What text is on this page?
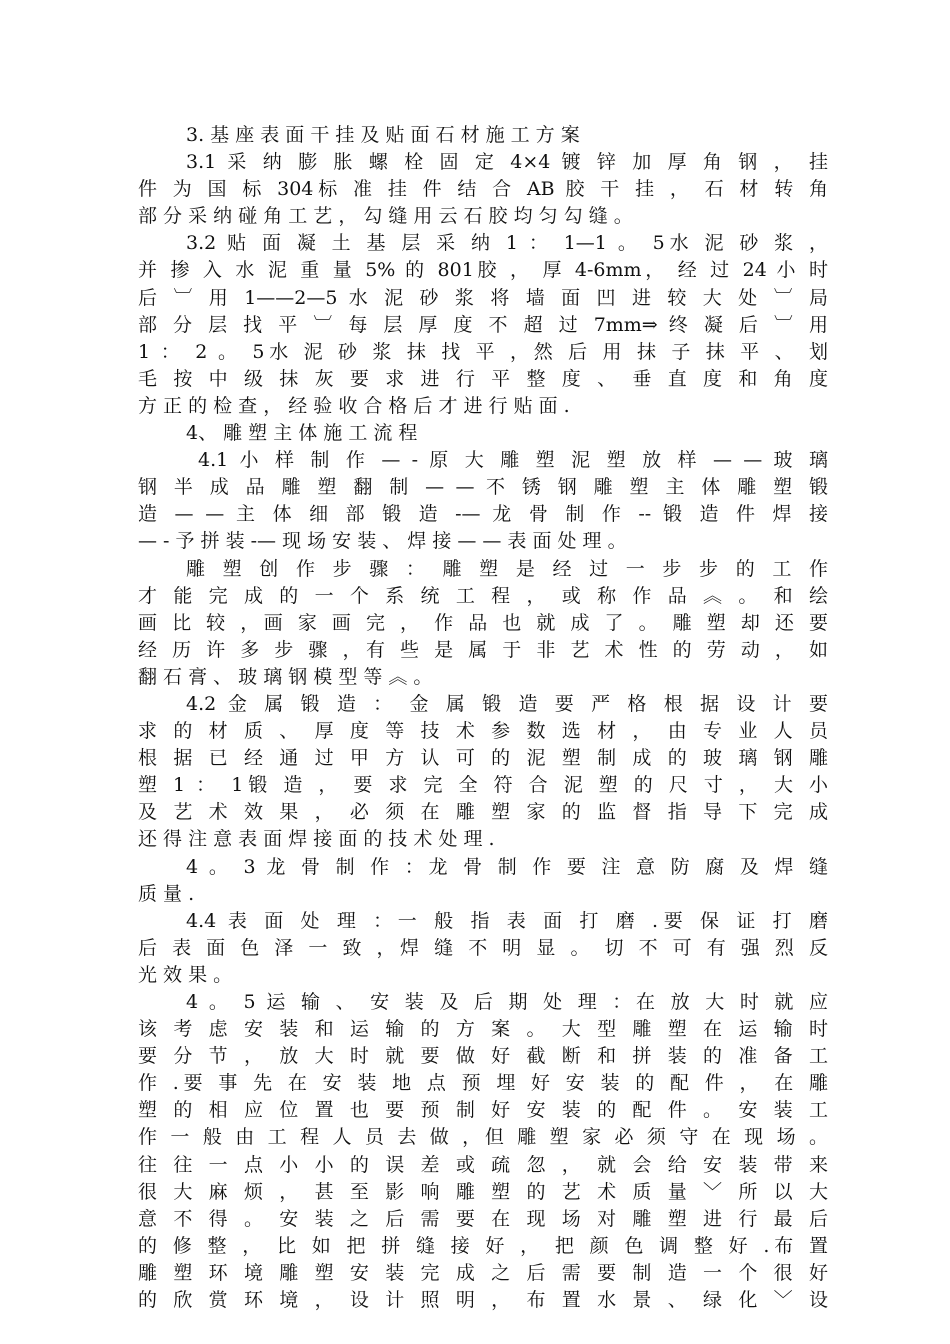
3. 基 座 表 面 干 挂 及 贴 面 石 材 施 工 方 案
3.1 采 纳 膨 胀 螺 栓 固 定 4×4 镀 锌 加 厚 角 钢 ， 挂
件 为 国 标 304标 准 挂 件 结 合 AB 胶 干 挂 ， 石 材 转 角
部 分 采 纳 碰 角 工 艺 ， 勾 缝 用 云 石 胶 均 匀 勾 缝 。
3.2 贴 面 凝 土 基 层 采 纳 1 ： 1—1 。 5水 泥 砂 浆 ，
并 掺 入 水 泥 重 量 5% 的 801胶 ， 厚 4-6mm， 经 过 24 小 时
后 ︺ 用 1——2—5 水 泥 砂 浆 将 墙 面 凹 进 较 大 处 ︺ 局
部 分 层 找 平 ︺ 每 层 厚 度 不 超 过 7mm⇒ 终 凝 后 ︺ 用
1 ： 2 。 5水 泥 砂 浆 抹 找 平 ，然 后 用 抹 子 抹 平 、 划
毛 按 中 级 抹 灰 要 求 进 行 平 整 度 、 垂 直 度 和 角 度
方 正 的 检 查 ， 经 验 收 合 格 后 才 进 行 贴 面 .
4、 雕 塑 主 体 施 工 流 程
4.1 小 样 制 作 — - 原 大 雕 塑 泥 塑 放 样 — — 玻 璃
钢 半 成 品 雕 塑 翻 制 — — 不 锈 钢 雕 塑 主 体 雕 塑 锻
造 — — 主 体 细 部 锻 造 -— 龙 骨 制 作 -- 锻 造 件 焊 接
— - 予 拼 装 -— 现 场 安 装 、 焊 接 — — 表 面 处 理 。
雕 塑 创 作 步 骤 ： 雕 塑 是 经 过 一 步 步 的 工 作
才 能 完 成 的 一 个 系 统 工 程 ， 或 称 作 品 ︽ 。 和 绘
画 比 较 ，画 家 画 完 ， 作 品 也 就 成 了 。 雕 塑 却 还 要
经 历 许 多 步 骤 ，有 些 是 属 于 非 艺 术 性 的 劳 动 ， 如
翻 石 膏 、 玻 璃 钢 模 型 等 ︽ 。
4.2 金 属 锻 造 ： 金 属 锻 造 要 严 格 根 据 设 计 要
求 的 材 质 、 厚 度 等 技 术 参 数 选 材 ， 由 专 业 人 员
根 据 已 经 通 过 甲 方 认 可 的 泥 塑 制 成 的 玻 璃 钢 雕
塑 1 ： 1锻 造 ， 要 求 完 全 符 合 泥 塑 的 尺 寸 ， 大 小
及 艺 术 效 果 ， 必 须 在 雕 塑 家 的 监 督 指 导 下 完 成
还 得 注 意 表 面 焊 接 面 的 技 术 处 理 .
4 。 3 龙 骨 制 作 ：龙 骨 制 作 要 注 意 防 腐 及 焊 缝
质 量 .
4.4 表 面 处 理 ：一 般 指 表 面 打 磨 .要 保 证 打 磨
后 表 面 色 泽 一 致 ，焊 缝 不 明 显 。 切 不 可 有 强 烈 反
光 效 果 。
4 。 5 运 输 、 安 装 及 后 期 处 理 ：在 放 大 时 就 应
该 考 虑 安 装 和 运 输 的 方 案 。 大 型 雕 塑 在 运 输 时
要 分 节 ， 放 大 时 就 要 做 好 截 断 和 拼 装 的 准 备 工
作 .要 事 先 在 安 装 地 点 预 埋 好 安 装 的 配 件 ， 在 雕
塑 的 相 应 位 置 也 要 预 制 好 安 装 的 配 件 。 安 装 工
作 一 般 由 工 程 人 员 去 做 ，但 雕 塑 家 必 须 守 在 现 场 。
往 往 一 点 小 小 的 误 差 或 疏 忽 ， 就 会 给 安 装 带 来
很 大 麻 烦 ， 甚 至 影 响 雕 塑 的 艺 术 质 量 ﹀ 所 以 大
意 不 得 。 安 装 之 后 需 要 在 现 场 对 雕 塑 进 行 最 后
的 修 整 ， 比 如 把 拼 缝 接 好 ， 把 颜 色 调 整 好 .布 置
雕 塑 环 境 雕 塑 安 装 完 成 之 后 需 要 制 造 一 个 很 好
的 欣 赏 环 境 ， 设 计 照 明 ， 布 置 水 景 、 绿 化 ﹀ 设
